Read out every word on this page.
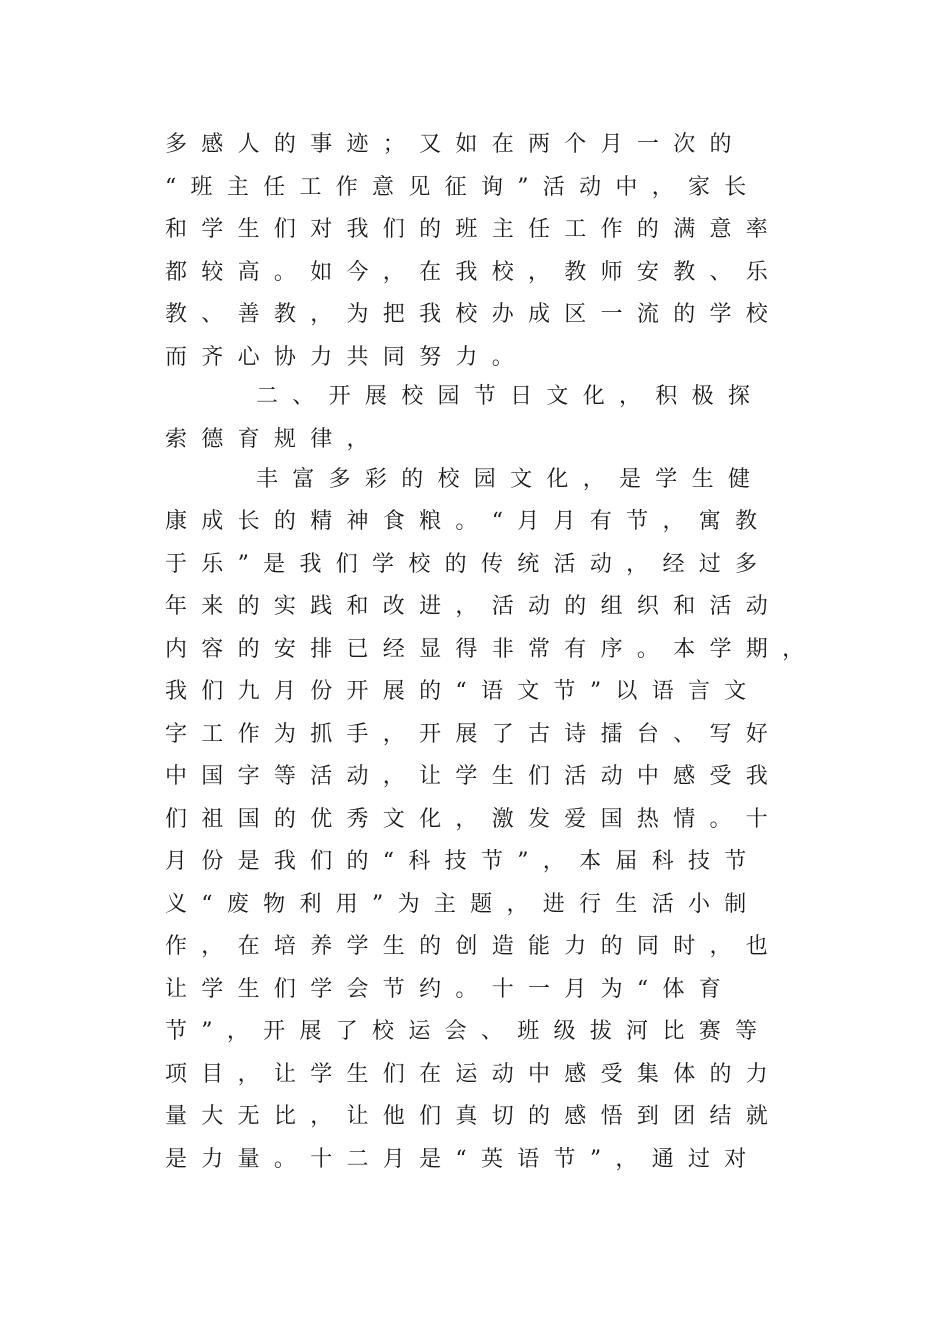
多感人的事迹；又如在两个月一次的
“班主任工作意见征询”活动中，家长
和学生们对我们的班主任工作的满意率
都较高。如今，在我校，教师安教、乐
教、善教，为把我校办成区一流的学校
而齐心协力共同努力。
二、开展校园节日文化，积极探
索德育规律，
丰富多彩的校园文化，是学生健
康成长的精神食粮。“月月有节，寓教
于乐”是我们学校的传统活动，经过多
年来的实践和改进，活动的组织和活动
内容的安排已经显得非常有序。本学期，
我们九月份开展的“语文节”以语言文
字工作为抓手，开展了古诗擂台、写好
中国字等活动，让学生们活动中感受我
们祖国的优秀文化，激发爱国热情。十
月份是我们的“科技节”，本届科技节
义“废物利用”为主题，进行生活小制
作，在培养学生的创造能力的同时，也
让学生们学会节约。十一月为“体育
节”，开展了校运会、班级拔河比赛等
项目，让学生们在运动中感受集体的力
量大无比，让他们真切的感悟到团结就
是力量。十二月是“英语节”，通过对
